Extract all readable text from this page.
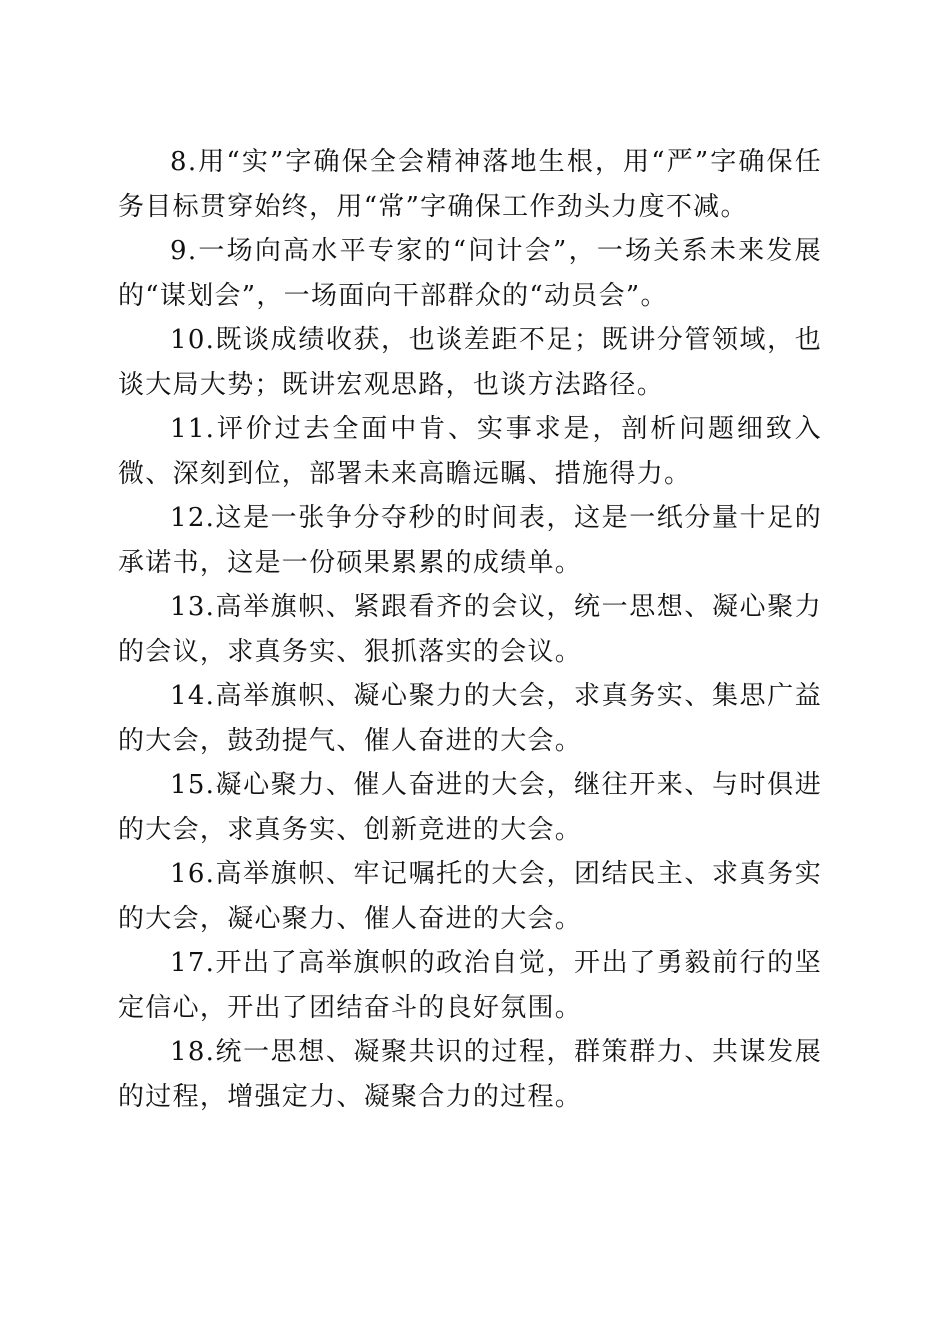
8.用“实”字确保全会精神落地生根，用“严”字确保任务目标贯穿始终，用“常”字确保工作劲头力度不减。

9.一场向高水平专家的“问计会”，一场关系未来发展的“谋划会”，一场面向干部群众的“动员会”。

10.既谈成绩收获，也谈差距不足；既讲分管领域，也谈大局大势；既讲宏观思路，也谈方法路径。

11.评价过去全面中肯、实事求是，剖析问题细致入微、深刻到位，部署未来高瞻远瞩、措施得力。

12.这是一张争分夺秒的时间表，这是一纸分量十足的承诺书，这是一份硕果累累的成绩单。

13.高举旗帜、紧跟看齐的会议，统一思想、凝心聚力的会议，求真务实、狠抓落实的会议。

14.高举旗帜、凝心聚力的大会，求真务实、集思广益的大会，鼓劲提气、催人奋进的大会。

15.凝心聚力、催人奋进的大会，继往开来、与时俱进的大会，求真务实、创新竞进的大会。

16.高举旗帜、牢记嘱托的大会，团结民主、求真务实的大会，凝心聚力、催人奋进的大会。

17.开出了高举旗帜的政治自觉，开出了勇毅前行的坚定信心，开出了团结奋斗的良好氛围。

18.统一思想、凝聚共识的过程，群策群力、共谋发展的过程，增强定力、凝聚合力的过程。
